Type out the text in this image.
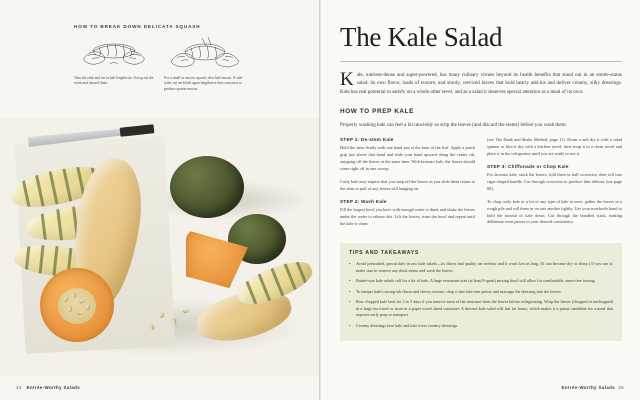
HOW TO BREAK DOWN DELICATA SQUASH
Trim the ends and cut in half lengthwise. Scoop out the seeds and discard them.
For a small or narrow squash, slice half moons. If side-wide, cut each half again lengthwise then crosswise to produce quarter moons.
24 Entrée-Worthy Salads
The Kale Salad
Kale, nutrient-dense and super-powered, has many culinary virtues beyond its health benefits that stand out in an entrée-status salad: its own flavor, loads of texture, and sturdy, creviced leaves that hold hearty add-ins and deliver creamy, silky dressings. Kale has real potential to satisfy on a whole other level, and as a salad it deserves special attention as a meal of its own.
HOW TO PREP KALE
Properly washing kale can feel a bit unwieldy so strip the leaves (and discard the stems) before you wash them.
STEP 1: De-stem Kale
Hold the stem firmly with one hand just at the base of the leaf. Apply a pinch grip just above that hand and slide your hand upward along the center rib, stripping off the leaves at the same time. With lacinato kale, the leaves should come right off in one swoop.
Curly kale may require that you snap off the leaves as you slide them return to the stem to pull of any leaves still hanging on.
STEP 2: Wash Kale
Fill the largest bowl you have with enough water to dunk and shake the leaves under the water to release dirt. Lift the leaves, rinse the bowl and repeat until the kale is clean.
(see The Dunk and Shake Method, page 11). Drain it and dry it with a salad spinner or blot it dry with a kitchen towel, then wrap it in a clean towel and place it in the refrigerator until you are ready to use it.
STEP 3: Chiffonade or Chop Kale
For lacinato kale, stack the leaves, fold them in half crosswise, then roll into cigar-shaped bundle. Cut through crosswise to produce thin ribbons (see page 68).
To chop curly kale or a lot of any type of kale at once, gather the leaves in a rough pile and roll them in on one another tightly. Use your non-knife hand to hold the mound of kale down. Cut through the bundled stack, making deliberate even passes to your desired consistency.
TIPS AND TAKEAWAYS
•	Avoid presoaked, precut kale in raw kale salads—its flavor and quality are inferior and it won't last as long. (It can become dry or slimy.) If you use it, make sure to remove any thick stems and wash the leaves.
•	Entrée-size kale salads call for a lot of kale. A large restaurant size (at least 8-quart) mixing bowl will allow for comfortable, mess-free tossing.
•	To temper kale's strong-ish flavor and chewy texture, chop it into bite-size pieces and massage the dressing into the leaves.
•	Raw chopped kale lasts for 3 to 5 days if you remove most of the moisture from the leaves before refrigerating. Wrap the leaves (chopped or unchopped) in a large tea towel or store in a paper towel–lined container. A dressed kale salad will last for hours, which makes it a prime candidate for a meal that requires early prep or transport.
•	Creamy dressings love kale and kale loves creamy dressings.
Entrée-Worthy Salads 25
